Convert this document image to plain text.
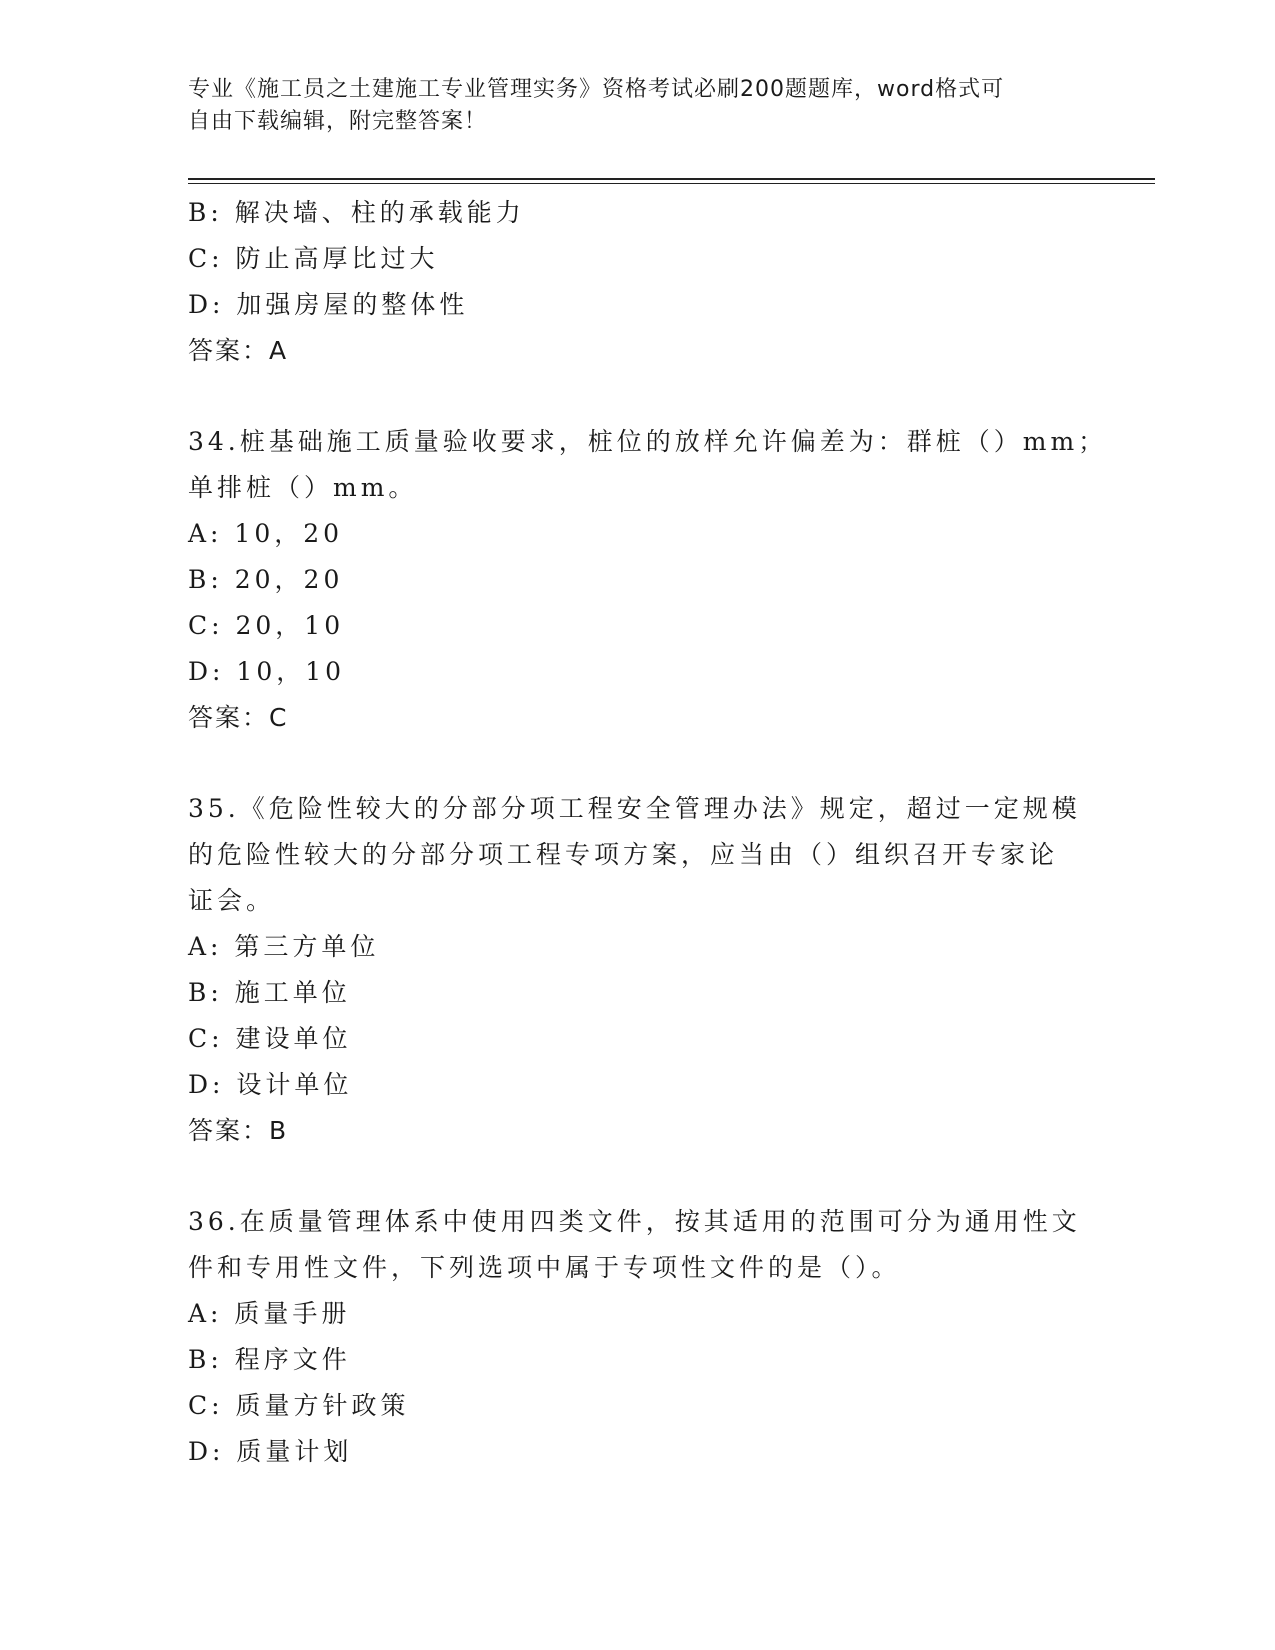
专业《施工员之土建施工专业管理实务》资格考试必刷200题题库，word格式可
自由下载编辑，附完整答案！
B: 解决墙、柱的承载能力
C: 防止高厚比过大
D: 加强房屋的整体性
答案：A
34.桩基础施工质量验收要求，桩位的放样允许偏差为：群桩（）mm；
单排桩（）mm。
A: 10，20
B: 20，20
C: 20，10
D: 10，10
答案：C
35.《危险性较大的分部分项工程安全管理办法》规定，超过一定规模
的危险性较大的分部分项工程专项方案，应当由（）组织召开专家论
证会。
A: 第三方单位
B: 施工单位
C: 建设单位
D: 设计单位
答案：B
36.在质量管理体系中使用四类文件，按其适用的范围可分为通用性文
件和专用性文件，下列选项中属于专项性文件的是（）。
A: 质量手册
B: 程序文件
C: 质量方针政策
D: 质量计划
